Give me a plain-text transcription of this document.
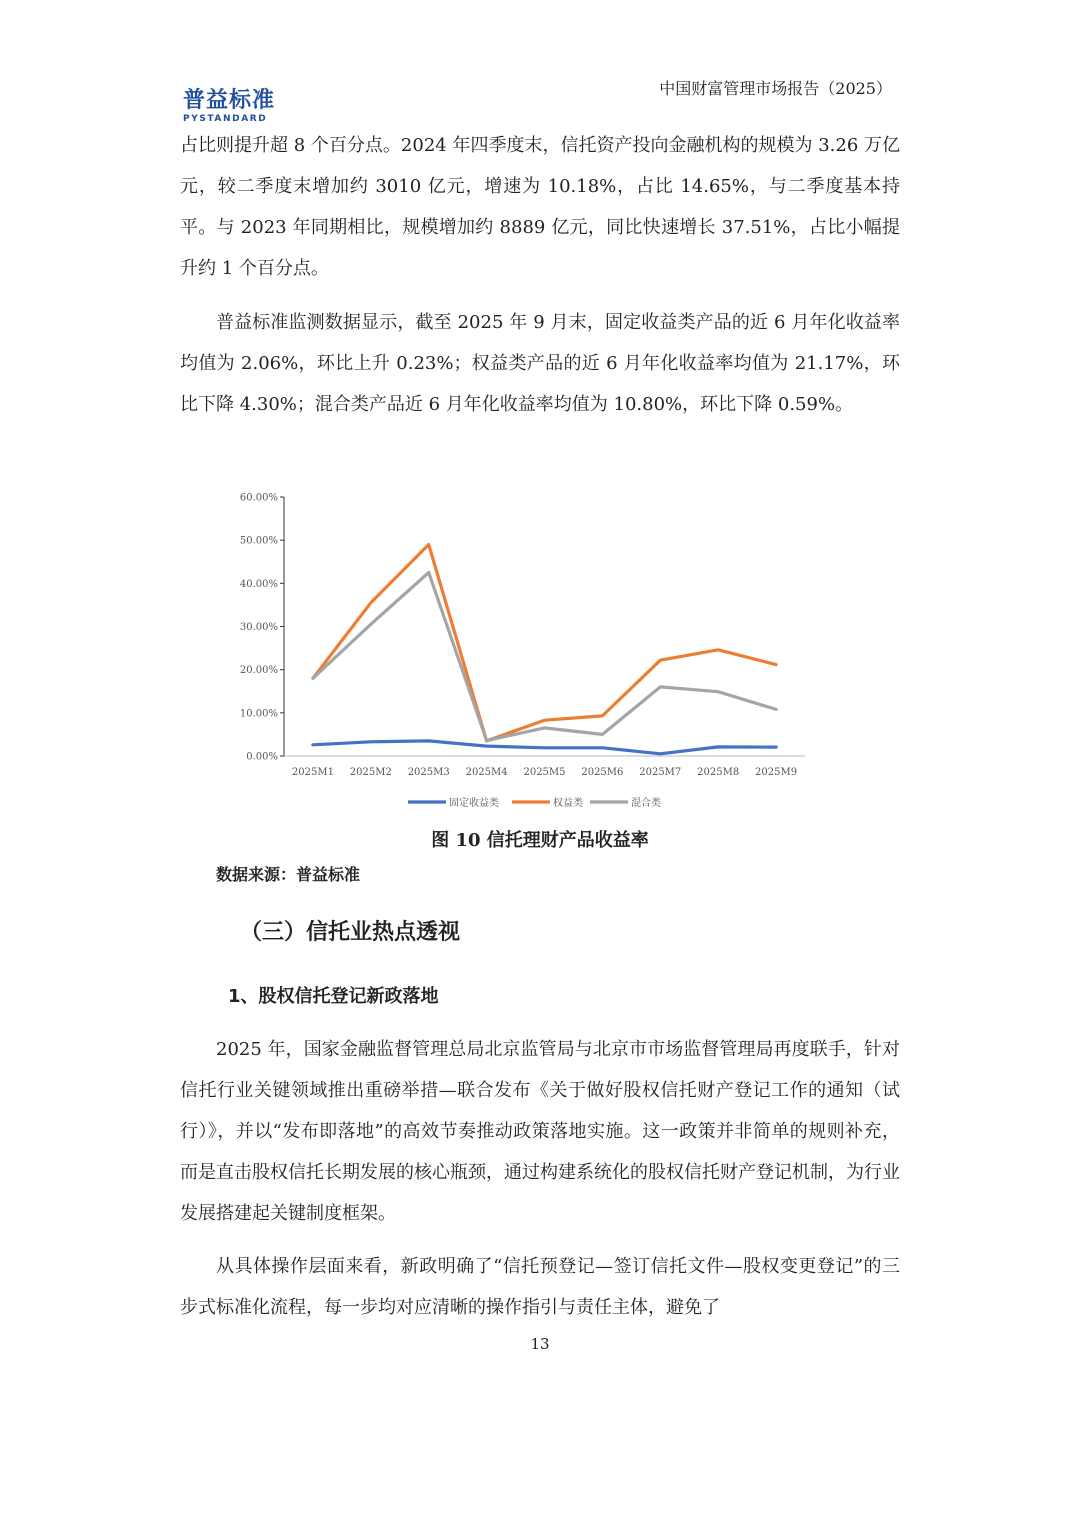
普益标准
PYSTANDARD
中国财富管理市场报告（2025）

占比则提升超 8 个百分点。2024 年四季度末，信托资产投向金融机构的规模为 3.26 万亿元，较二季度末增加约 3010 亿元，增速为 10.18%，占比 14.65%，与二季度基本持平。与 2023 年同期相比，规模增加约 8889 亿元，同比快速增长 37.51%，占比小幅提升约 1 个百分点。

普益标准监测数据显示，截至 2025 年 9 月末，固定收益类产品的近 6 月年化收益率均值为 2.06%，环比上升 0.23%；权益类产品的近 6 月年化收益率均值为 21.17%，环比下降 4.30%；混合类产品近 6 月年化收益率均值为 10.80%，环比下降 0.59%。

0.00%
10.00%
20.00%
30.00%
40.00%
50.00%
60.00%
2025M1 2025M2 2025M3 2025M4 2025M5 2025M6 2025M7 2025M8 2025M9
固定收益类	权益类	混合类
图 10 信托理财产品收益率
数据来源：普益标准
（三）信托业热点透视
1、股权信托登记新政落地

2025 年，国家金融监督管理总局北京监管局与北京市市场监督管理局再度联手，针对信托行业关键领域推出重磅举措—联合发布《关于做好股权信托财产登记工作的通知（试行）》，并以“发布即落地”的高效节奏推动政策落地实施。这一政策并非简单的规则补充，而是直击股权信托长期发展的核心瓶颈，通过构建系统化的股权信托财产登记机制，为行业发展搭建起关键制度框架。

从具体操作层面来看，新政明确了“信托预登记—签订信托文件—股权变更登记”的三步式标准化流程，每一步均对应清晰的操作指引与责任主体，避免了

13
